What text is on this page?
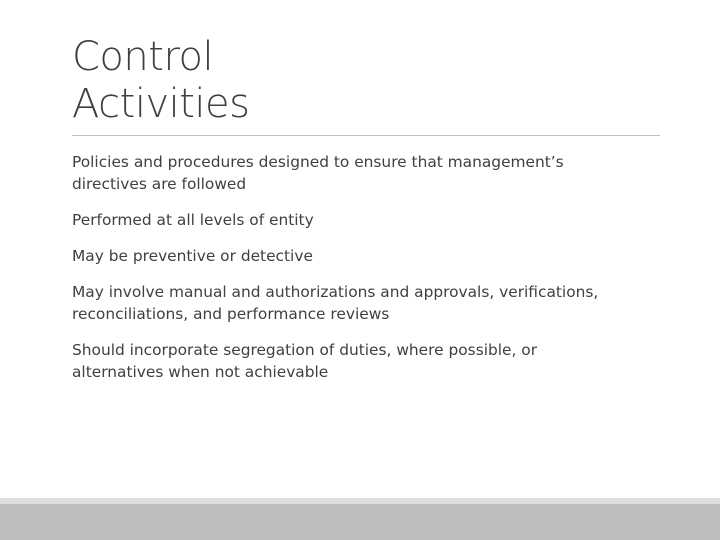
Control
Activities
Policies and procedures designed to ensure that management’s
directives are followed
Performed at all levels of entity
May be preventive or detective
May involve manual and authorizations and approvals, verifications,
reconciliations, and performance reviews
Should incorporate segregation of duties, where possible, or
alternatives when not achievable
